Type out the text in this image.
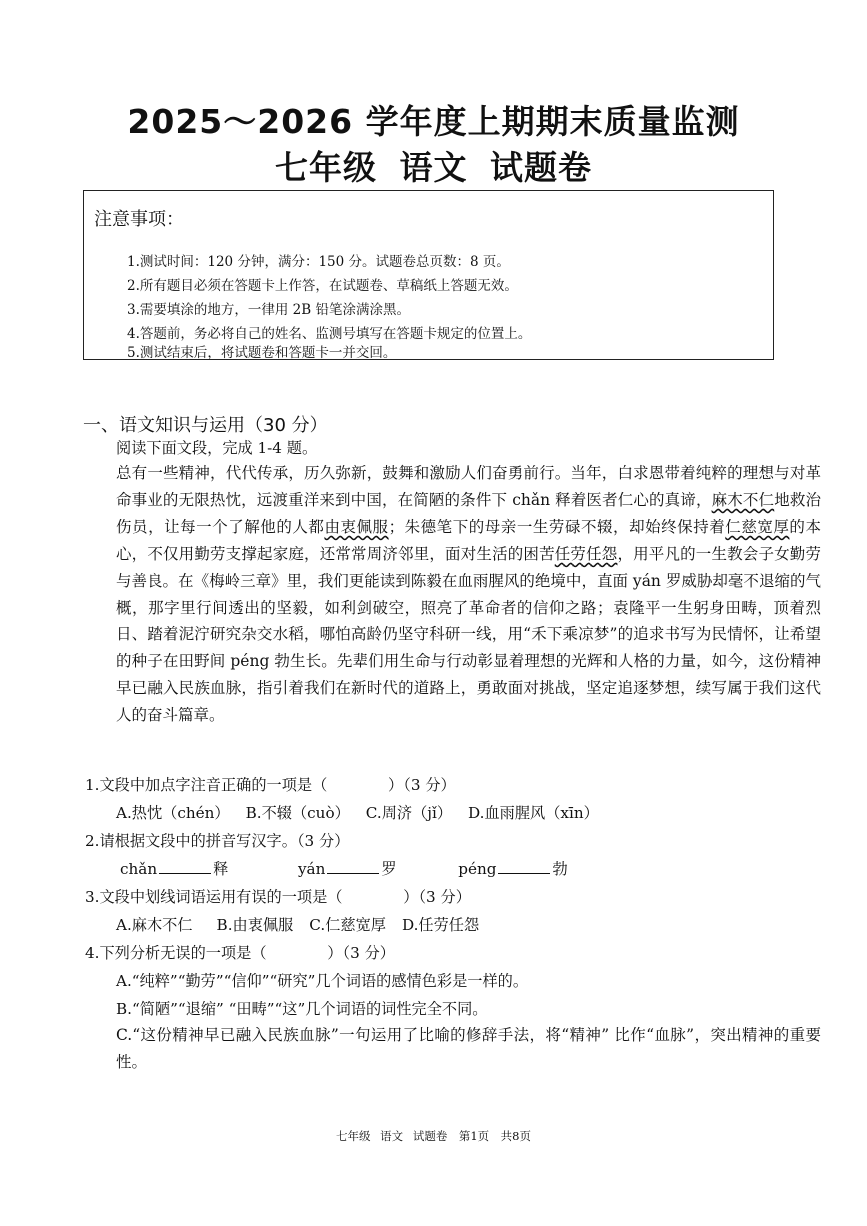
2025～2026 学年度上期期末质量监测
七年级 语文 试题卷
注意事项：
1.测试时间：120 分钟，满分：150 分。试题卷总页数：8 页。
2.所有题目必须在答题卡上作答，在试题卷、草稿纸上答题无效。
3.需要填涂的地方，一律用 2B 铅笔涂满涂黑。
4.答题前，务必将自己的姓名、监测号填写在答题卡规定的位置上。
5.测试结束后，将试题卷和答题卡一并交回。
一、语文知识与运用（30 分）
阅读下面文段，完成 1-4 题。
总有一些精神，代代传承，历久弥新，鼓舞和激励人们奋勇前行。当年，白求恩带着纯粹的理想与对革命事业的无限热忱，远渡重洋来到中国，在简陋的条件下 chǎn 释着医者仁心的真谛，麻木不仁地救治伤员，让每一个了解他的人都由衷佩服；朱德笔下的母亲一生劳碌不辍，却始终保持着仁慈宽厚的本心，不仅用勤劳支撑起家庭，还常常周济邻里，面对生活的困苦任劳任怨，用平凡的一生教会子女勤劳与善良。在《梅岭三章》里，我们更能读到陈毅在血雨腥风的绝境中，直面 yán 罗威胁却毫不退缩的气概，那字里行间透出的坚毅，如利剑破空，照亮了革命者的信仰之路；袁隆平一生躬身田畴，顶着烈日、踏着泥泞研究杂交水稻，哪怕高龄仍坚守科研一线，用“禾下乘凉梦”的追求书写为民情怀，让希望的种子在田野间 péng 勃生长。先辈们用生命与行动彰显着理想的光辉和人格的力量，如今，这份精神早已融入民族血脉，指引着我们在新时代的道路上，勇敢面对挑战，坚定追逐梦想，续写属于我们这代人的奋斗篇章。
1.文段中加点字注音正确的一项是（　　　　）（3 分）
A.热忱（chén） B.不辍（cuò） C.周济（jǐ） D.血雨腥风（xīn）
2.请根据文段中的拼音写汉字。（3 分）
chǎn	释	yán	罗	péng	勃
3.文段中划线词语运用有误的一项是（　　　　）（3 分）
A.麻木不仁 B.由衷佩服 C.仁慈宽厚 D.任劳任怨
4.下列分析无误的一项是（　　　　）（3 分）
A.“纯粹”“勤劳”“信仰”“研究”几个词语的感情色彩是一样的。
B.“简陋”“退缩” “田畴”“这”几个词语的词性完全不同。
C.“这份精神早已融入民族血脉”一句运用了比喻的修辞手法，将“精神” 比作“血脉”，突出精神的重要性。
七年级 语文 试题卷　第1页　共8页
